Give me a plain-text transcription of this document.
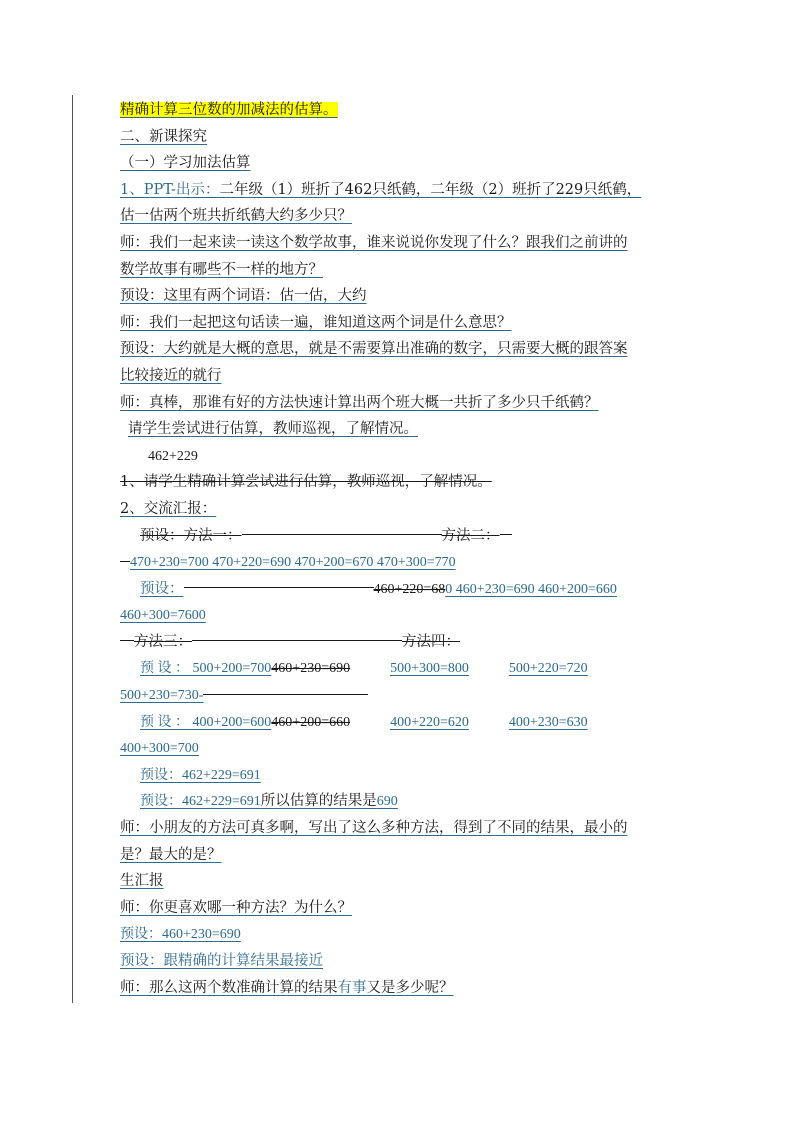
精确计算三位数的加减法的估算。
二、新课探究
（一）学习加法估算
1、PPT-出示：二年级（1）班折了462只纸鹤，二年级（2）班折了229只纸鹤，
估一估两个班共折纸鹤大约多少只？
师：我们一起来读一读这个数学故事，谁来说说你发现了什么？跟我们之前讲的
数学故事有哪些不一样的地方？
预设：这里有两个词语：估一估，大约
师：我们一起把这句话读一遍，谁知道这两个词是什么意思？
预设：大约就是大概的意思，就是不需要算出准确的数字，只需要大概的跟答案
比较接近的就行
师：真棒，那谁有好的方法快速计算出两个班大概一共折了多少只千纸鹤？
请学生尝试进行估算，教师巡视，了解情况。
462+229
1、请学生精确计算尝试进行估算，教师巡视，了解情况。
2、交流汇报：
预设：方法一：	方法二：
470+230=700 470+220=690 470+200=670 470+300=770
预设：	460+220=680 460+230=690 460+200=660
460+300=7600
方法三：	方法四：
预 设 ： 500+200=700460+230=690	500+300=800	500+220=720
500+230=730-
预 设 ： 400+200=600460+200=660	400+220=620	400+230=630
400+300=700
预设：462+229=691
预设：462+229=691所以估算的结果是690
师：小朋友的方法可真多啊，写出了这么多种方法，得到了不同的结果，最小的
是？最大的是？
生汇报
师：你更喜欢哪一种方法？为什么？
预设：460+230=690
预设：跟精确的计算结果最接近
师：那么这两个数准确计算的结果有事又是多少呢？
